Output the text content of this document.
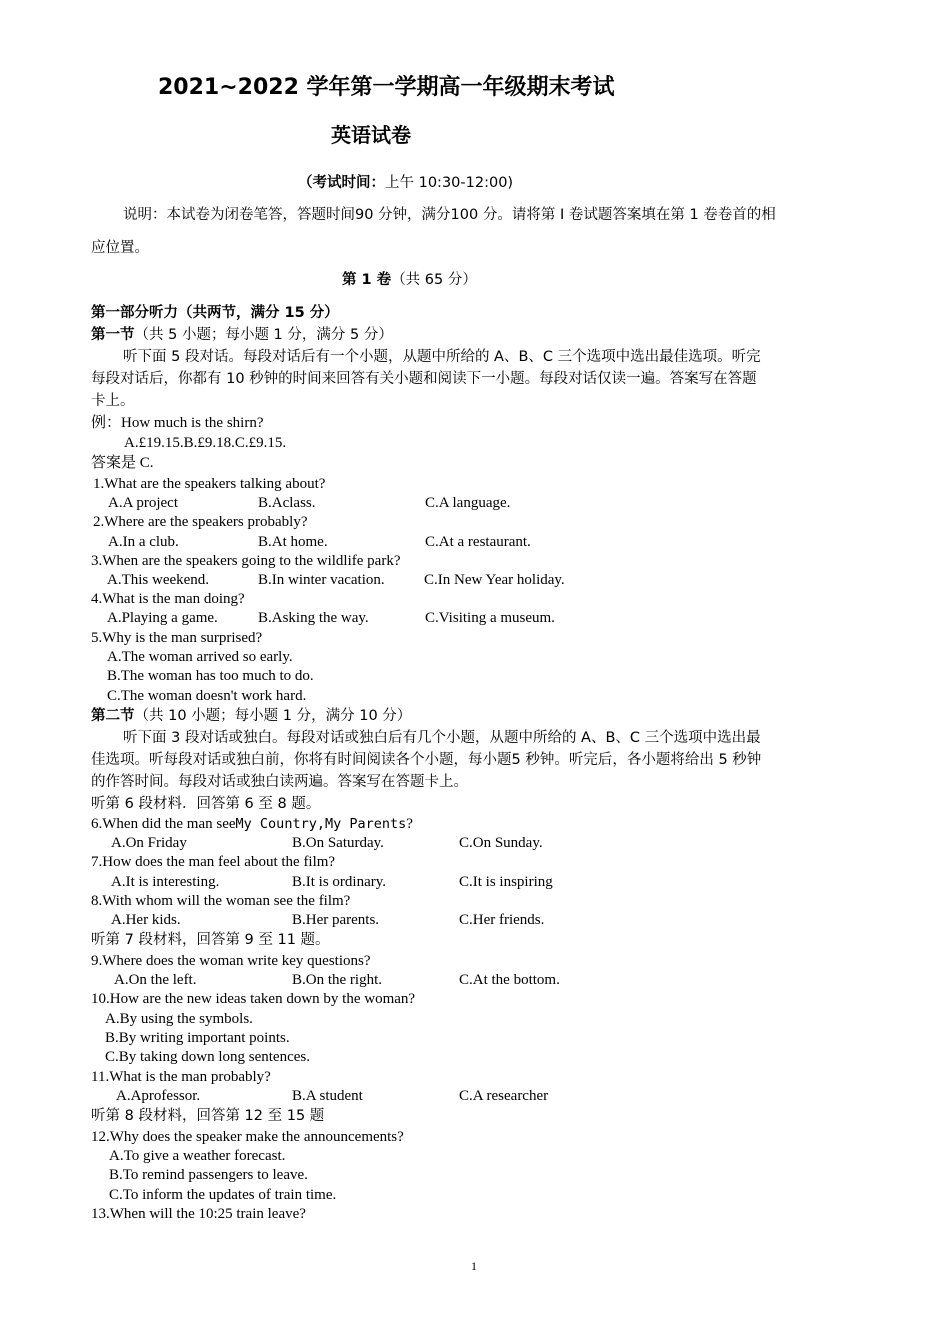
2021~2022 学年第一学期高一年级期末考试
英语试卷
（考试时间：上午 10:30-12:00)
说明：本试卷为闭卷笔答，答题时间90 分钟，满分100 分。请将第 I 卷试题答案填在第 1 卷卷首的相
应位置。
第 1 卷（共 65 分）
第一部分听力（共两节，满分 15 分）
第一节（共 5 小题；每小题 1 分，满分 5 分）
听下面 5 段对话。每段对话后有一个小题，从题中所给的 A、B、C 三个选项中选出最佳选项。听完
每段对话后，你都有 10 秒钟的时间来回答有关小题和阅读下一小题。每段对话仅读一遍。答案写在答题
卡上。
例：How much is the shirn?
A.£19.15.B.£9.18.C.£9.15.
答案是 C.
1.What are the speakers talking about?
A.A project	B.Aclass.	C.A language.
2.Where are the speakers probably?
A.In a club.	B.At home.	C.At a restaurant.
3.When are the speakers going to the wildlife park?
A.This weekend.	B.In winter vacation.	C.In New Year holiday.
4.What is the man doing?
A.Playing a game.	B.Asking the way.	C.Visiting a museum.
5.Why is the man surprised?
A.The woman arrived so early.
B.The woman has too much to do.
C.The woman doesn't work hard.
第二节（共 10 小题；每小题 1 分，满分 10 分）
听下面 3 段对话或独白。每段对话或独白后有几个小题，从题中所给的 A、B、C 三个选项中选出最
佳选项。听每段对话或独白前，你将有时间阅读各个小题，每小题5 秒钟。听完后，各小题将给出 5 秒钟
的作答时间。每段对话或独白读两遍。答案写在答题卡上。
听第 6 段材料．回答第 6 至 8 题。
6.When did the man seeMy Country,My Parents?
A.On Friday	B.On Saturday.	C.On Sunday.
7.How does the man feel about the film?
A.It is interesting.	B.It is ordinary.	C.It is inspiring
8.With whom will the woman see the film?
A.Her kids.	B.Her parents.	C.Her friends.
听第 7 段材料，回答第 9 至 11 题。
9.Where does the woman write key questions?
A.On the left.	B.On the right.	C.At the bottom.
10.How are the new ideas taken down by the woman?
A.By using the symbols.
B.By writing important points.
C.By taking down long sentences.
11.What is the man probably?
A.Aprofessor.	B.A student	C.A researcher
听第 8 段材料，回答第 12 至 15 题
12.Why does the speaker make the announcements?
A.To give a weather forecast.
B.To remind passengers to leave.
C.To inform the updates of train time.
13.When will the 10:25 train leave?
1
